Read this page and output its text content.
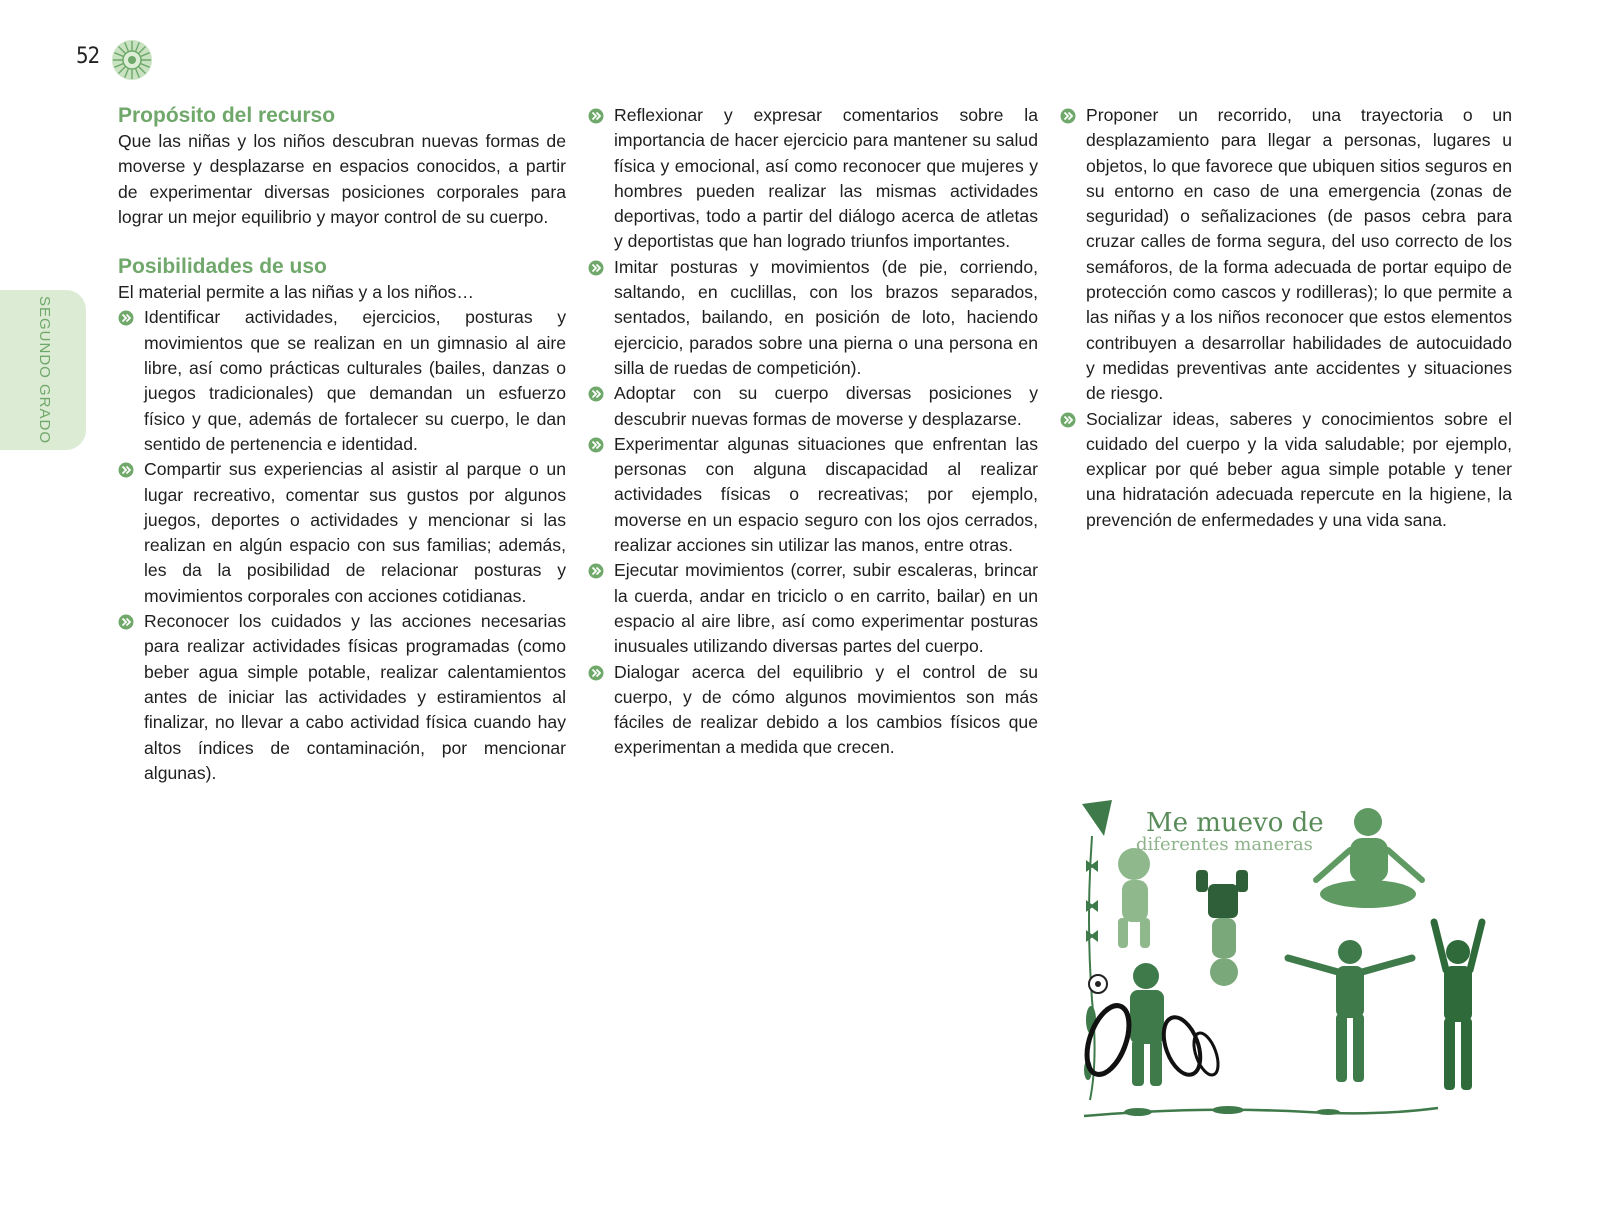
52
SEGUNDO GRADO
Propósito del recurso

Que las niñas y los niños descubran nuevas formas de moverse y desplazarse en espacios conocidos, a partir de experimentar diversas posiciones corporales para lograr un mejor equilibrio y mayor control de su cuerpo.

Posibilidades de uso

El material permite a las niñas y a los niños…

Identificar actividades, ejercicios, posturas y movimientos que se realizan en un gimnasio al aire libre, así como prácticas culturales (bailes, danzas o juegos tradicionales) que demandan un esfuerzo físico y que, además de fortalecer su cuerpo, le dan sentido de pertenencia e identidad.
Compartir sus experiencias al asistir al parque o un lugar recreativo, comentar sus gustos por algunos juegos, deportes o actividades y mencionar si las realizan en algún espacio con sus familias; además, les da la posibilidad de relacionar posturas y movimientos corporales con acciones cotidianas.
Reconocer los cuidados y las acciones necesarias para realizar actividades físicas programadas (como beber agua simple potable, realizar calentamientos antes de iniciar las actividades y estiramientos al finalizar, no llevar a cabo actividad física cuando hay altos índices de contaminación, por mencionar algunas).
Reflexionar y expresar comentarios sobre la importancia de hacer ejercicio para mantener su salud física y emocional, así como reconocer que mujeres y hombres pueden realizar las mismas actividades deportivas, todo a partir del diálogo acerca de atletas y deportistas que han logrado triunfos importantes.
Imitar posturas y movimientos (de pie, corriendo, saltando, en cuclillas, con los brazos separados, sentados, bailando, en posición de loto, haciendo ejercicio, parados sobre una pierna o una persona en silla de ruedas de competición).
Adoptar con su cuerpo diversas posiciones y descubrir nuevas formas de moverse y desplazarse.
Experimentar algunas situaciones que enfrentan las personas con alguna discapacidad al realizar actividades físicas o recreativas; por ejemplo, moverse en un espacio seguro con los ojos cerrados, realizar acciones sin utilizar las manos, entre otras.
Ejecutar movimientos (correr, subir escaleras, brincar la cuerda, andar en triciclo o en carrito, bailar) en un espacio al aire libre, así como experimentar posturas inusuales utilizando diversas partes del cuerpo.
Dialogar acerca del equilibrio y el control de su cuerpo, y de cómo algunos movimientos son más fáciles de realizar debido a los cambios físicos que experimentan a medida que crecen.
Proponer un recorrido, una trayectoria o un desplazamiento para llegar a personas, lugares u objetos, lo que favorece que ubiquen sitios seguros en su entorno en caso de una emergencia (zonas de seguridad) o señalizaciones (de pasos cebra para cruzar calles de forma segura, del uso correcto de los semáforos, de la forma adecuada de portar equipo de protección como cascos y rodilleras); lo que permite a las niñas y a los niños reconocer que estos elementos contribuyen a desarrollar habilidades de autocuidado y medidas preventivas ante accidentes y situaciones de riesgo.
Socializar ideas, saberes y conocimientos sobre el cuidado del cuerpo y la vida saludable; por ejemplo, explicar por qué beber agua simple potable y tener una hidratación adecuada repercute en la higiene, la prevención de enfermedades y una vida sana.
Me muevo de
diferentes maneras
